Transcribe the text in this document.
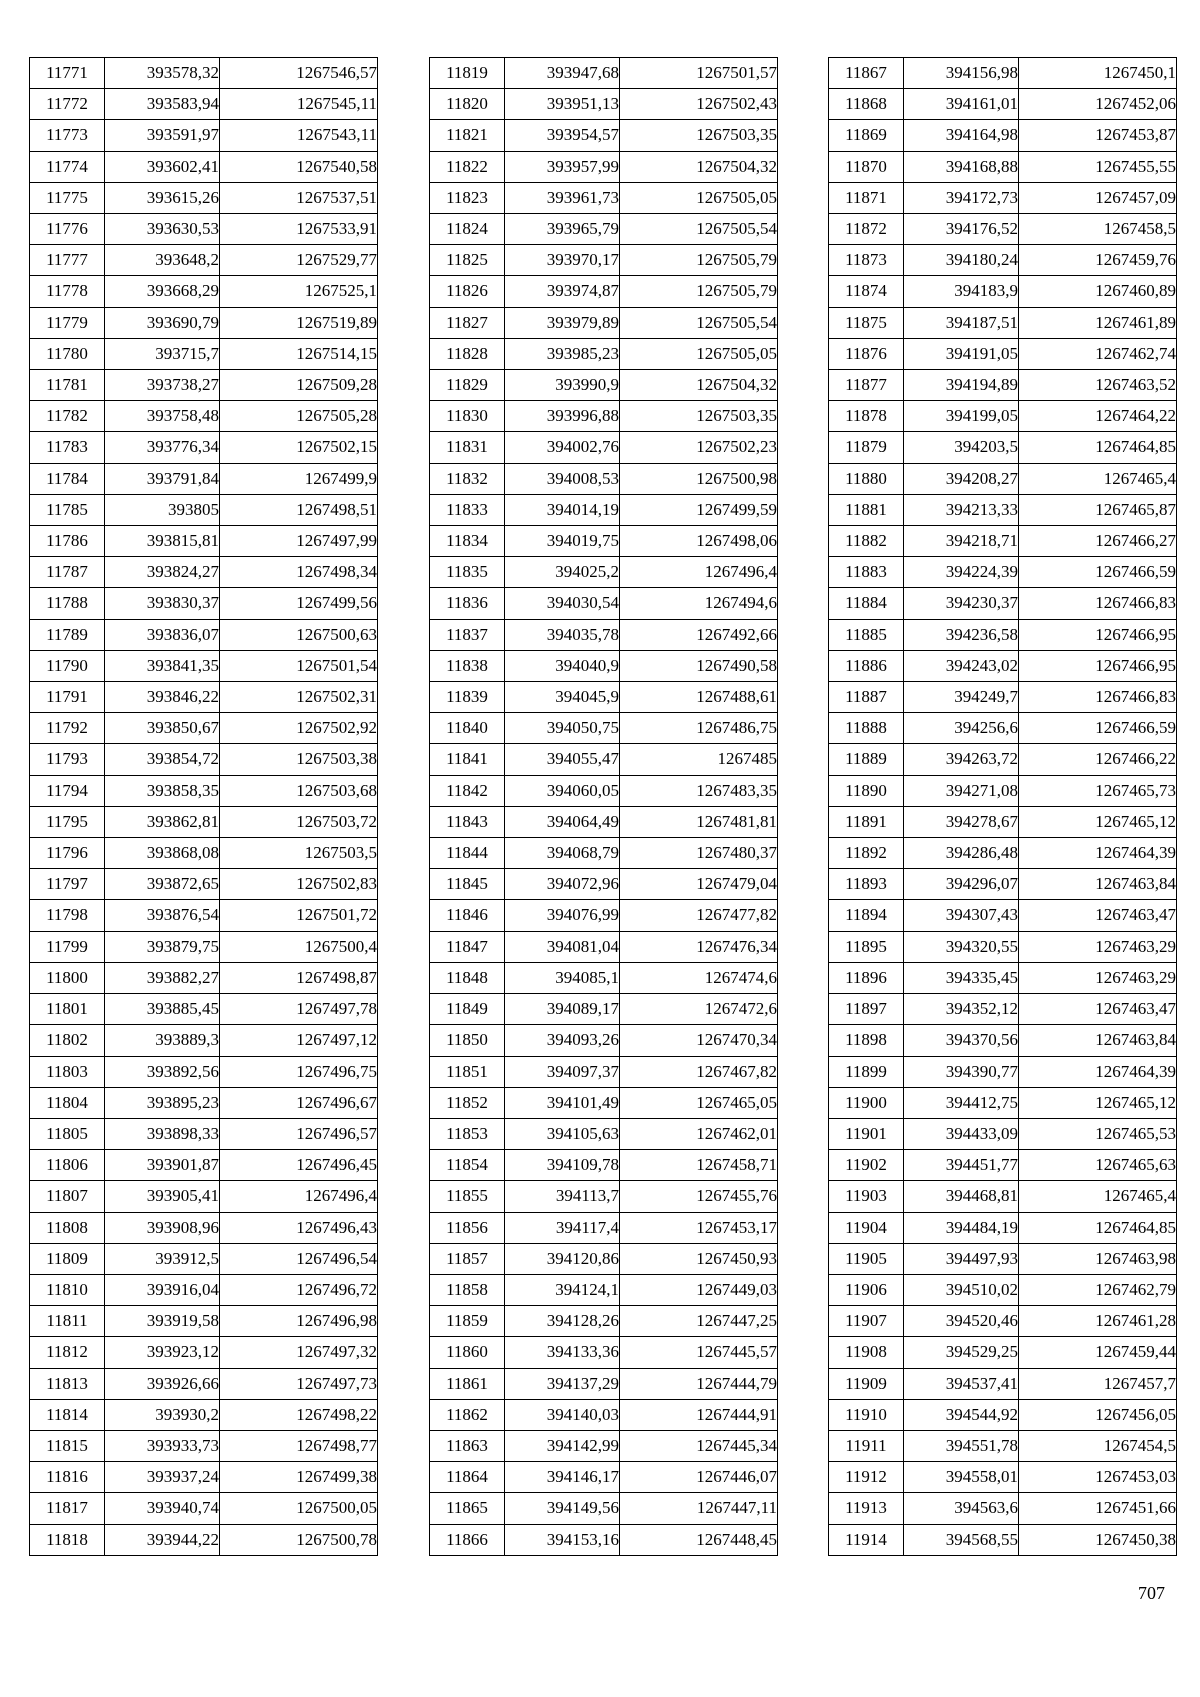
11771	393578,32	1267546,57
11772	393583,94	1267545,11
11773	393591,97	1267543,11
11774	393602,41	1267540,58
11775	393615,26	1267537,51
11776	393630,53	1267533,91
11777	393648,2	1267529,77
11778	393668,29	1267525,1
11779	393690,79	1267519,89
11780	393715,7	1267514,15
11781	393738,27	1267509,28
11782	393758,48	1267505,28
11783	393776,34	1267502,15
11784	393791,84	1267499,9
11785	393805	1267498,51
11786	393815,81	1267497,99
11787	393824,27	1267498,34
11788	393830,37	1267499,56
11789	393836,07	1267500,63
11790	393841,35	1267501,54
11791	393846,22	1267502,31
11792	393850,67	1267502,92
11793	393854,72	1267503,38
11794	393858,35	1267503,68
11795	393862,81	1267503,72
11796	393868,08	1267503,5
11797	393872,65	1267502,83
11798	393876,54	1267501,72
11799	393879,75	1267500,4
11800	393882,27	1267498,87
11801	393885,45	1267497,78
11802	393889,3	1267497,12
11803	393892,56	1267496,75
11804	393895,23	1267496,67
11805	393898,33	1267496,57
11806	393901,87	1267496,45
11807	393905,41	1267496,4
11808	393908,96	1267496,43
11809	393912,5	1267496,54
11810	393916,04	1267496,72
11811	393919,58	1267496,98
11812	393923,12	1267497,32
11813	393926,66	1267497,73
11814	393930,2	1267498,22
11815	393933,73	1267498,77
11816	393937,24	1267499,38
11817	393940,74	1267500,05
11818	393944,22	1267500,78
11819	393947,68	1267501,57
11820	393951,13	1267502,43
11821	393954,57	1267503,35
11822	393957,99	1267504,32
11823	393961,73	1267505,05
11824	393965,79	1267505,54
11825	393970,17	1267505,79
11826	393974,87	1267505,79
11827	393979,89	1267505,54
11828	393985,23	1267505,05
11829	393990,9	1267504,32
11830	393996,88	1267503,35
11831	394002,76	1267502,23
11832	394008,53	1267500,98
11833	394014,19	1267499,59
11834	394019,75	1267498,06
11835	394025,2	1267496,4
11836	394030,54	1267494,6
11837	394035,78	1267492,66
11838	394040,9	1267490,58
11839	394045,9	1267488,61
11840	394050,75	1267486,75
11841	394055,47	1267485
11842	394060,05	1267483,35
11843	394064,49	1267481,81
11844	394068,79	1267480,37
11845	394072,96	1267479,04
11846	394076,99	1267477,82
11847	394081,04	1267476,34
11848	394085,1	1267474,6
11849	394089,17	1267472,6
11850	394093,26	1267470,34
11851	394097,37	1267467,82
11852	394101,49	1267465,05
11853	394105,63	1267462,01
11854	394109,78	1267458,71
11855	394113,7	1267455,76
11856	394117,4	1267453,17
11857	394120,86	1267450,93
11858	394124,1	1267449,03
11859	394128,26	1267447,25
11860	394133,36	1267445,57
11861	394137,29	1267444,79
11862	394140,03	1267444,91
11863	394142,99	1267445,34
11864	394146,17	1267446,07
11865	394149,56	1267447,11
11866	394153,16	1267448,45
11867	394156,98	1267450,1
11868	394161,01	1267452,06
11869	394164,98	1267453,87
11870	394168,88	1267455,55
11871	394172,73	1267457,09
11872	394176,52	1267458,5
11873	394180,24	1267459,76
11874	394183,9	1267460,89
11875	394187,51	1267461,89
11876	394191,05	1267462,74
11877	394194,89	1267463,52
11878	394199,05	1267464,22
11879	394203,5	1267464,85
11880	394208,27	1267465,4
11881	394213,33	1267465,87
11882	394218,71	1267466,27
11883	394224,39	1267466,59
11884	394230,37	1267466,83
11885	394236,58	1267466,95
11886	394243,02	1267466,95
11887	394249,7	1267466,83
11888	394256,6	1267466,59
11889	394263,72	1267466,22
11890	394271,08	1267465,73
11891	394278,67	1267465,12
11892	394286,48	1267464,39
11893	394296,07	1267463,84
11894	394307,43	1267463,47
11895	394320,55	1267463,29
11896	394335,45	1267463,29
11897	394352,12	1267463,47
11898	394370,56	1267463,84
11899	394390,77	1267464,39
11900	394412,75	1267465,12
11901	394433,09	1267465,53
11902	394451,77	1267465,63
11903	394468,81	1267465,4
11904	394484,19	1267464,85
11905	394497,93	1267463,98
11906	394510,02	1267462,79
11907	394520,46	1267461,28
11908	394529,25	1267459,44
11909	394537,41	1267457,7
11910	394544,92	1267456,05
11911	394551,78	1267454,5
11912	394558,01	1267453,03
11913	394563,6	1267451,66
11914	394568,55	1267450,38
707
